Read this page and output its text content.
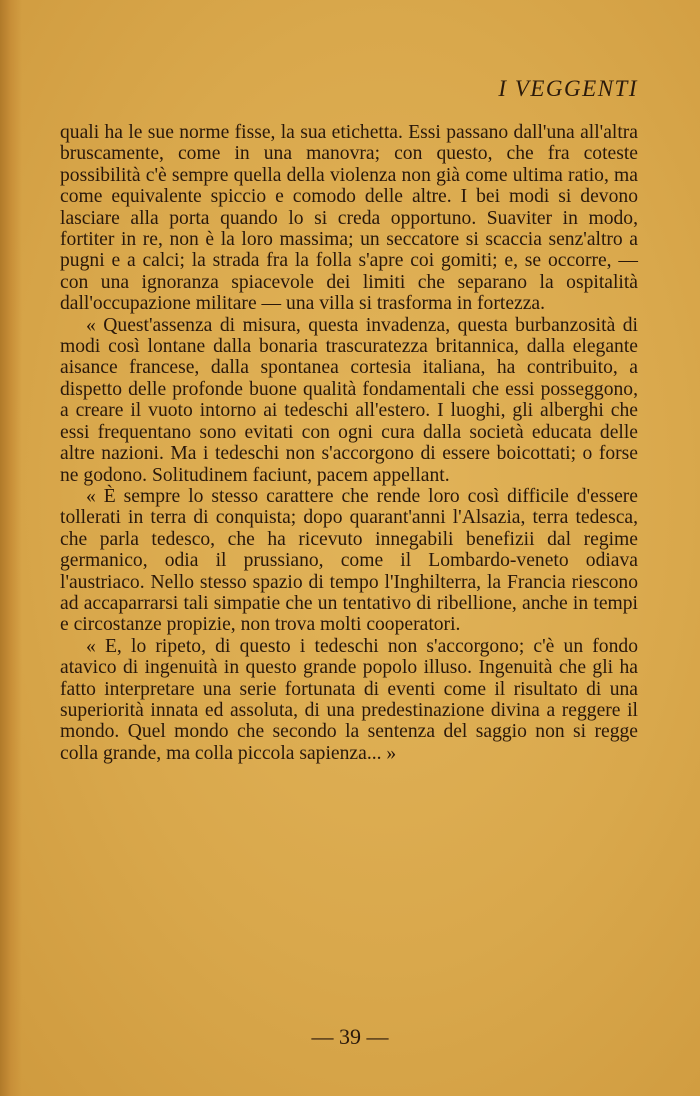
I VEGGENTI

quali ha le sue norme fisse, la sua etichetta. Essi passano dall'una all'altra bruscamente, come in una manovra; con questo, che fra coteste possibilità c'è sempre quella della violenza non già come ultima ratio, ma come equivalente spiccio e comodo delle altre. I bei modi si devono lasciare alla porta quando lo si creda opportuno. Suaviter in modo, fortiter in re, non è la loro massima; un seccatore si scaccia senz'altro a pugni e a calci; la strada fra la folla s'apre coi gomiti; e, se occorre, — con una ignoranza spiacevole dei limiti che separano la ospitalità dall'occupazione militare — una villa si trasforma in fortezza.

« Quest'assenza di misura, questa invadenza, questa burbanzosità di modi così lontane dalla bonaria trascuratezza britannica, dalla elegante aisance francese, dalla spontanea cortesia italiana, ha contribuito, a dispetto delle profonde buone qualità fondamentali che essi posseggono, a creare il vuoto intorno ai tedeschi all'estero. I luoghi, gli alberghi che essi frequentano sono evitati con ogni cura dalla società educata delle altre nazioni. Ma i tedeschi non s'accorgono di essere boicottati; o forse ne godono. Solitudinem faciunt, pacem appellant.

« È sempre lo stesso carattere che rende loro così difficile d'essere tollerati in terra di conquista; dopo quarant'anni l'Alsazia, terra tedesca, che parla tedesco, che ha ricevuto innegabili benefizii dal regime germanico, odia il prussiano, come il Lombardo-veneto odiava l'austriaco. Nello stesso spazio di tempo l'Inghilterra, la Francia riescono ad accaparrarsi tali simpatie che un tentativo di ribellione, anche in tempi e circostanze propizie, non trova molti cooperatori.

« E, lo ripeto, di questo i tedeschi non s'accorgono; c'è un fondo atavico di ingenuità in questo grande popolo illuso. Ingenuità che gli ha fatto interpretare una serie fortunata di eventi come il risultato di una superiorità innata ed assoluta, di una predestinazione divina a reggere il mondo. Quel mondo che secondo la sentenza del saggio non si regge colla grande, ma colla piccola sapienza... »

— 39 —
